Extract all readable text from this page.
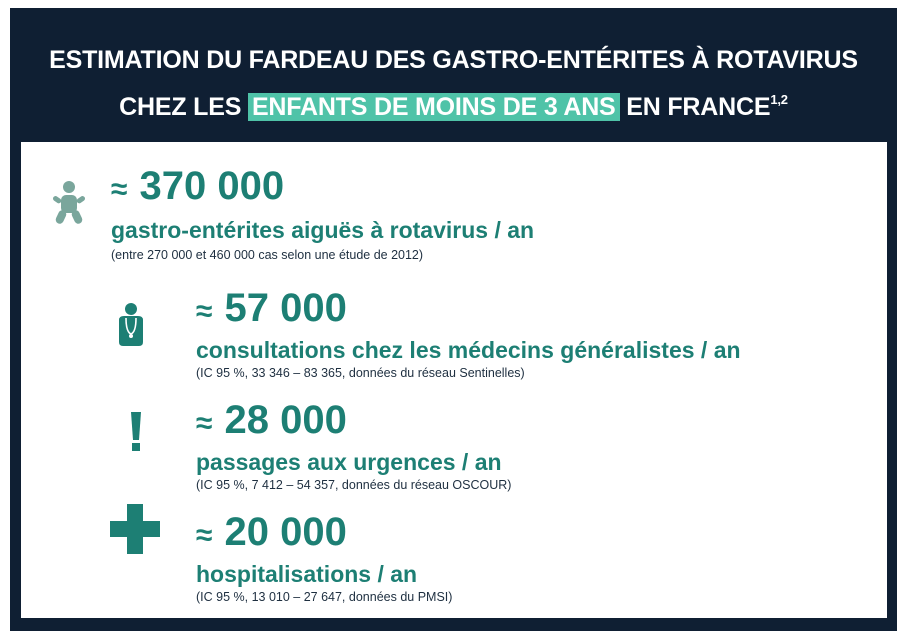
ESTIMATION DU FARDEAU DES GASTRO-ENTÉRITES À ROTAVIRUS
CHEZ LES ENFANTS DE MOINS DE 3 ANS EN FRANCE$^{1,2}$
≈ 370 000
gastro-entérites aiguës à rotavirus / an
(entre 270 000 et 460 000 cas selon une étude de 2012)
≈ 57 000
consultations chez les médecins généralistes / an
(IC 95 %, 33 346 – 83 365, données du réseau Sentinelles)
≈ 28 000
passages aux urgences / an
(IC 95 %, 7 412 – 54 357, données du réseau OSCOUR)
≈ 20 000
hospitalisations / an
(IC 95 %, 13 010 – 27 647, données du PMSI)
